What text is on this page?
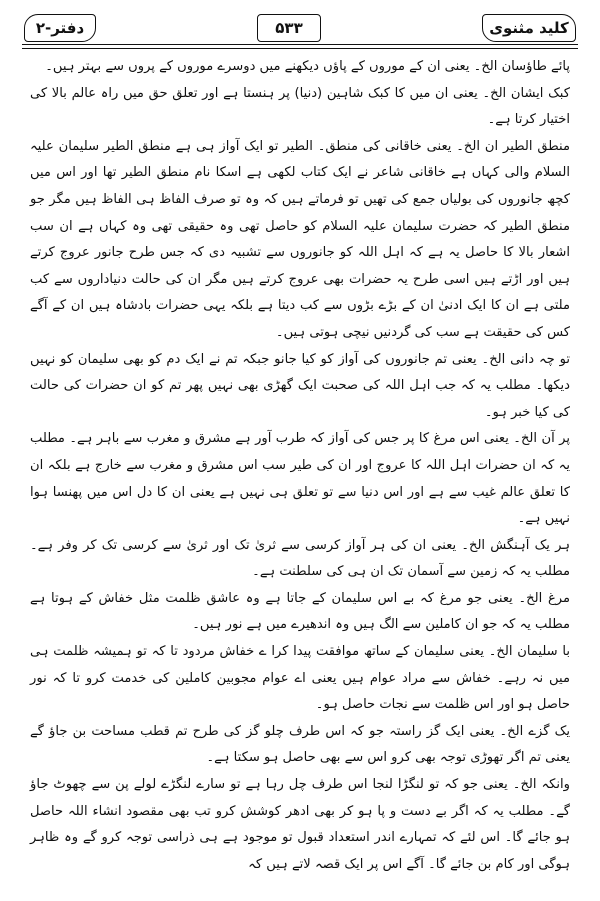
دفتر-۲	۵۳۳	کلید مثنوی

پائے طاؤسان الخ۔ یعنی ان کے موروں کے پاؤں دیکھنے میں دوسرے موروں کے پروں سے بہتر ہیں۔

کبک ایشان الخ۔ یعنی ان میں کا کبک شاہین (دنیا) پر ہنستا ہے اور تعلق حق میں راہ عالم بالا کی اختیار کرتا ہے۔

منطق الطیر ان الخ۔ یعنی خاقانی کی منطق۔ الطیر تو ایک آواز ہی ہے منطق الطیر سلیمان علیہ السلام والی کہاں ہے خاقانی شاعر نے ایک کتاب لکھی ہے اسکا نام منطق الطیر تھا اور اس میں کچھ جانوروں کی بولیاں جمع کی تھیں تو فرماتے ہیں کہ وہ تو صرف الفاظ ہی الفاظ ہیں مگر جو منطق الطیر کہ حضرت سلیمان علیہ السلام کو حاصل تھی وہ حقیقی تھی وہ کہاں ہے ان سب اشعار بالا کا حاصل یہ ہے کہ اہل اللہ کو جانوروں سے تشبیہ دی کہ جس طرح جانور عروج کرتے ہیں اور اڑتے ہیں اسی طرح یہ حضرات بھی عروج کرتے ہیں مگر ان کی حالت دنیاداروں سے کب ملتی ہے ان کا ایک ادنیٰ ان کے بڑے بڑوں سے کب دیتا ہے بلکہ یہی حضرات بادشاہ ہیں ان کے آگے کس کی حقیقت ہے سب کی گردنیں نیچی ہوتی ہیں۔

تو چہ دانی الخ۔ یعنی تم جانوروں کی آواز کو کیا جانو جبکہ تم نے ایک دم کو بھی سلیمان کو نہیں دیکھا۔ مطلب یہ کہ جب اہل اللہ کی صحبت ایک گھڑی بھی نہیں پھر تم کو ان حضرات کی حالت کی کیا خبر ہو۔

پر آن الخ۔ یعنی اس مرغ کا پر جس کی آواز کہ طرب آور ہے مشرق و مغرب سے باہر ہے۔ مطلب یہ کہ ان حضرات اہل اللہ کا عروج اور ان کی طیر سب اس مشرق و مغرب سے خارج ہے بلکہ ان کا تعلق عالم غیب سے ہے اور اس دنیا سے تو تعلق ہی نہیں ہے یعنی ان کا دل اس میں پھنسا ہوا نہیں ہے۔

ہر یک آہنگش الخ۔ یعنی ان کی ہر آواز کرسی سے ثریٰ تک اور ثریٰ سے کرسی تک کر وفر ہے۔ مطلب یہ کہ زمین سے آسمان تک ان ہی کی سلطنت ہے۔

مرغ الخ۔ یعنی جو مرغ کہ بے اس سلیمان کے جاتا ہے وہ عاشق ظلمت مثل خفاش کے ہوتا ہے مطلب یہ کہ جو ان کاملین سے الگ ہیں وہ اندھیرے میں ہے نور ہیں۔

با سلیمان الخ۔ یعنی سلیمان کے ساتھ موافقت پیدا کرا ے خفاش مردود تا کہ تو ہمیشہ ظلمت ہی میں نہ رہے۔ خفاش سے مراد عوام ہیں یعنی اے عوام مجوبین کاملین کی خدمت کرو تا کہ نور حاصل ہو اور اس ظلمت سے نجات حاصل ہو۔

یک گزے الخ۔ یعنی ایک گز راستہ جو کہ اس طرف چلو گز کی طرح تم قطب مساحت بن جاؤ گے یعنی تم اگر تھوڑی توجہ بھی کرو اس سے بھی حاصل ہو سکتا ہے۔

وانکہ الخ۔ یعنی جو کہ تو لنگڑا لنجا اس طرف چل رہا ہے تو سارے لنگڑے لولے پن سے چھوٹ جاؤ گے۔ مطلب یہ کہ اگر بے دست و پا ہو کر بھی ادھر کوشش کرو تب بھی مقصود انشاء اللہ حاصل ہو جائے گا۔ اس لئے کہ تمہارے اندر استعداد قبول تو موجود ہے ہی ذراسی توجہ کرو گے وہ ظاہر ہوگی اور کام بن جائے گا۔ آگے اس پر ایک قصہ لاتے ہیں کہ
